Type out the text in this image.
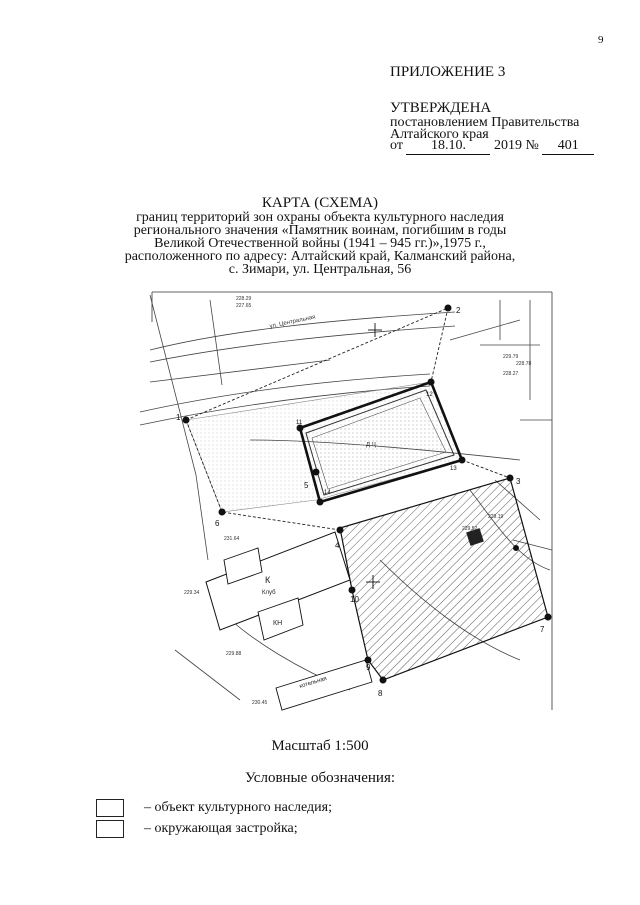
9
ПРИЛОЖЕНИЕ 3
УТВЕРЖДЕНА
постановлением Правительства
Алтайского края
от 18.10. 2019 № 401
КАРТА (СХЕМА)
границ территорий зон охраны объекта культурного наследия
регионального значения «Памятник воинам, погибшим в годы
Великой Отечественной войны (1941 – 945 гг.)»,1975 г.,
расположенного по адресу: Алтайский край, Калманский района,
с. Зимари, ул. Центральная, 56
д.ц
К
Клуб
КН
котельная
ул. Центральная
228.29
227.65
231.64
229.34
229.88
230.45
229.79
228.78
228.27
229.52
229.19
1
2
3
4
5
6
7
8
9
10
11
12
13
14
Масштаб 1:500
Условные обозначения:
– объект культурного наследия;
– окружающая застройка;
